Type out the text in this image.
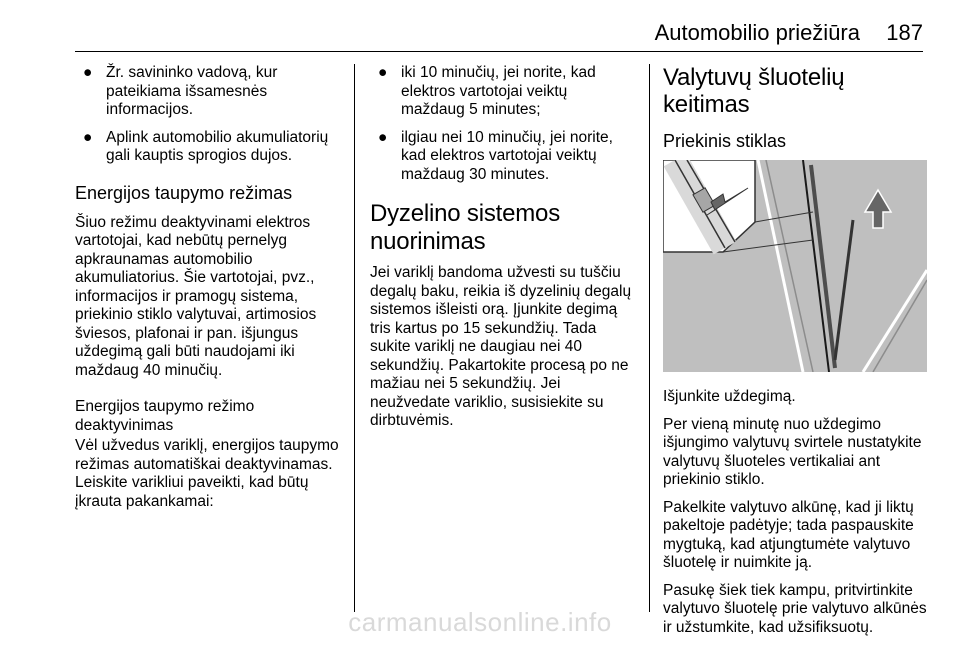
Automobilio priežiūra 187
● Žr. savininko vadovą, kur pateikiama išsamesnės informacijos.
● Aplink automobilio akumuliatorių gali kauptis sprogios dujos.
Energijos taupymo režimas
Šiuo režimu deaktyvinami elektros vartotojai, kad nebūtų pernelyg apkraunamas automobilio akumuliatorius. Šie vartotojai, pvz., informacijos ir pramogų sistema, priekinio stiklo valytuvai, artimosios šviesos, plafonai ir pan. išjungus uždegimą gali būti naudojami iki maždaug 40 minučių.
Energijos taupymo režimo deaktyvinimas
Vėl užvedus variklį, energijos taupymo režimas automatiškai deaktyvinamas. Leiskite varikliui paveikti, kad būtų įkrauta pakankamai:
● iki 10 minučių, jei norite, kad elektros vartotojai veiktų maždaug 5 minutes;
● ilgiau nei 10 minučių, jei norite, kad elektros vartotojai veiktų maždaug 30 minutes.
Dyzelino sistemos nuorinimas
Jei variklį bandoma užvesti su tuščiu degalų baku, reikia iš dyzelinių degalų sistemos išleisti orą. Įjunkite degimą tris kartus po 15 sekundžių. Tada sukite variklį ne daugiau nei 40 sekundžių. Pakartokite procesą po ne mažiau nei 5 sekundžių. Jei neužvedate variklio, susisiekite su dirbtuvėmis.
Valytuvų šluotelių keitimas
Priekinis stiklas
Išjunkite uždegimą.
Per vieną minutę nuo uždegimo išjungimo valytuvų svirtele nustatykite valytuvų šluoteles vertikaliai ant priekinio stiklo.
Pakelkite valytuvo alkūnę, kad ji liktų pakeltoje padėtyje; tada paspauskite mygtuką, kad atjungtumėte valytuvo šluotelę ir nuimkite ją.
Pasukę šiek tiek kampu, pritvirtinkite valytuvo šluotelę prie valytuvo alkūnės ir užstumkite, kad užsifiksuotų.
carmanualsonline.info
